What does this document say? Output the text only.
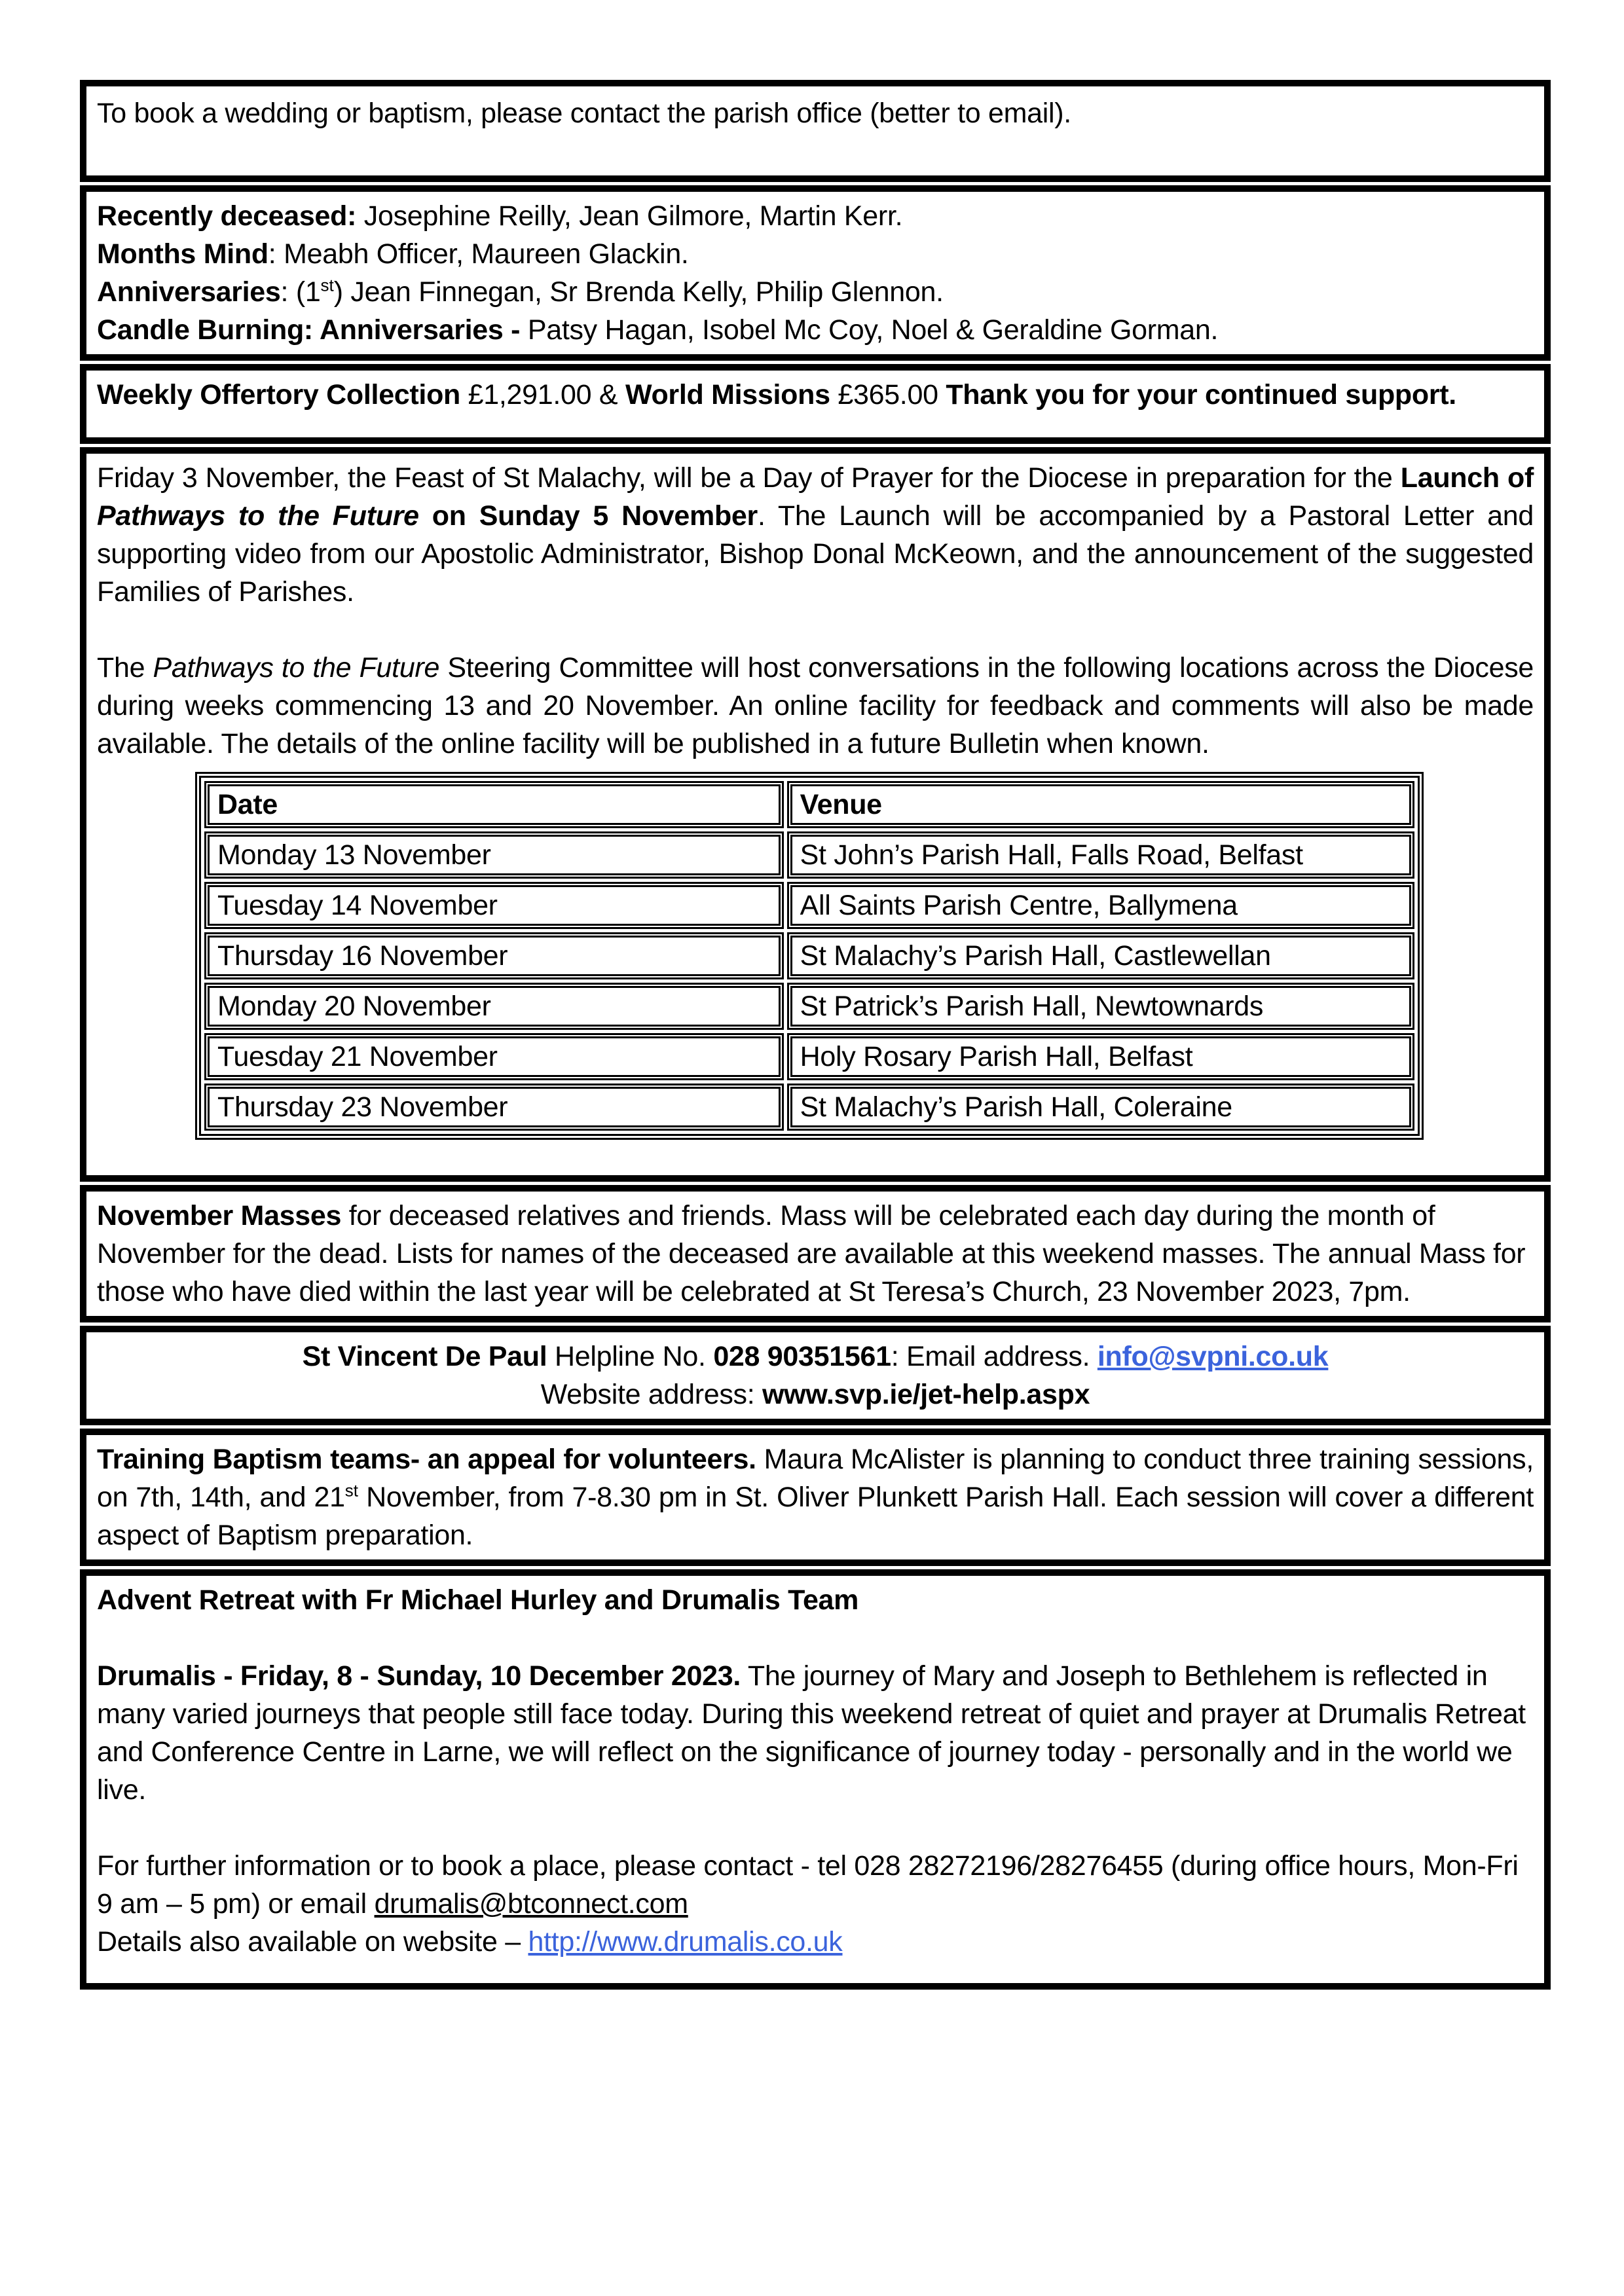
To book a wedding or baptism, please contact the parish office (better to email).

Recently deceased: Josephine Reilly, Jean Gilmore, Martin Kerr.

Months Mind: Meabh Officer, Maureen Glackin.

Anniversaries: (1st) Jean Finnegan, Sr Brenda Kelly, Philip Glennon.

Candle Burning: Anniversaries - Patsy Hagan, Isobel Mc Coy, Noel & Geraldine Gorman.

Weekly Offertory Collection £1,291.00 & World Missions £365.00 Thank you for your continued support.

Friday 3 November, the Feast of St Malachy, will be a Day of Prayer for the Diocese in preparation for the Launch of Pathways to the Future on Sunday 5 November. The Launch will be accompanied by a Pastoral Letter and supporting video from our Apostolic Administrator, Bishop Donal McKeown, and the announcement of the suggested Families of Parishes.

The Pathways to the Future Steering Committee will host conversations in the following locations across the Diocese during weeks commencing 13 and 20 November. An online facility for feedback and comments will also be made available. The details of the online facility will be published in a future Bulletin when known.

Date	Venue
Monday 13 November	St John’s Parish Hall, Falls Road, Belfast
Tuesday 14 November	All Saints Parish Centre, Ballymena
Thursday 16 November	St Malachy’s Parish Hall, Castlewellan
Monday 20 November	St Patrick’s Parish Hall, Newtownards
Tuesday 21 November	Holy Rosary Parish Hall, Belfast
Thursday 23 November	St Malachy’s Parish Hall, Coleraine

November Masses for deceased relatives and friends. Mass will be celebrated each day during the month of November for the dead. Lists for names of the deceased are available at this weekend masses. The annual Mass for those who have died within the last year will be celebrated at St Teresa’s Church, 23 November 2023, 7pm.

St Vincent De Paul Helpline No. 028 90351561: Email address. info@svpni.co.uk

Website address: www.svp.ie/jet-help.aspx

Training Baptism teams- an appeal for volunteers. Maura McAlister is planning to conduct three training sessions, on 7th, 14th, and 21st November, from 7-8.30 pm in St. Oliver Plunkett Parish Hall. Each session will cover a different aspect of Baptism preparation.

Advent Retreat with Fr Michael Hurley and Drumalis Team

Drumalis - Friday, 8 - Sunday, 10 December 2023. The journey of Mary and Joseph to Bethlehem is reflected in many varied journeys that people still face today. During this weekend retreat of quiet and prayer at Drumalis Retreat and Conference Centre in Larne, we will reflect on the significance of journey today - personally and in the world we live.

For further information or to book a place, please contact - tel 028 28272196/28276455 (during office hours, Mon-Fri 9 am – 5 pm) or email drumalis@btconnect.com

Details also available on website – http://www.drumalis.co.uk
